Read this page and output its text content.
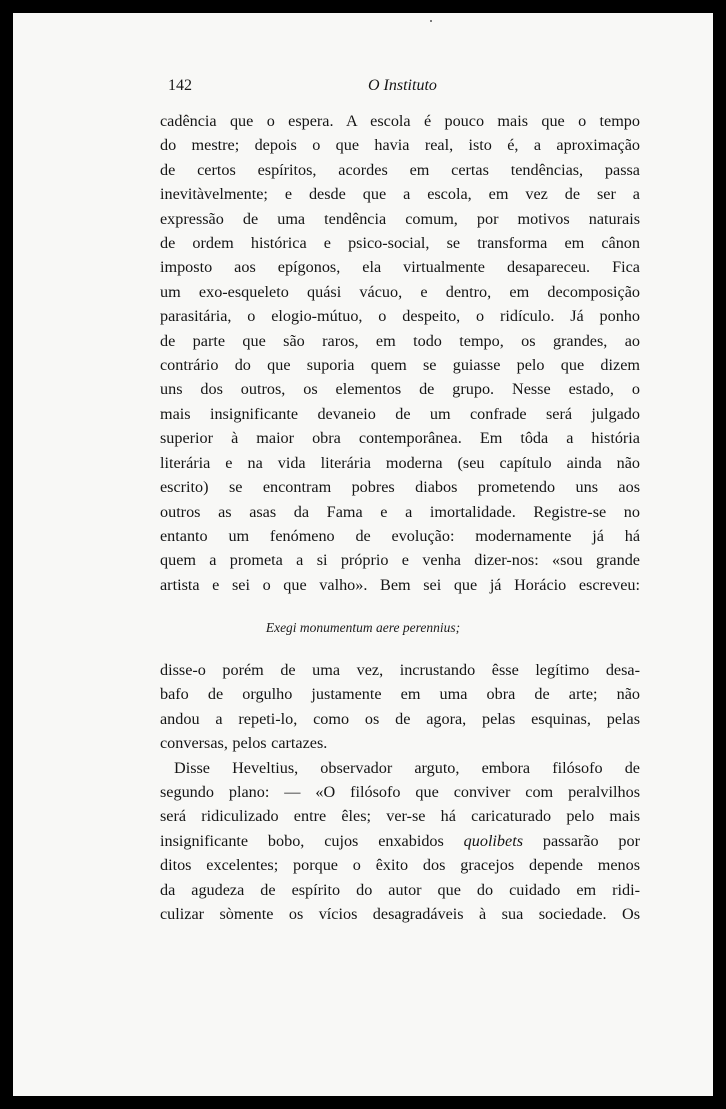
142	O Instituto
cadência que o espera. A escola é pouco mais que o tempo
do mestre; depois o que havia real, isto é, a aproximação
de certos espíritos, acordes em certas tendências, passa
inevitàvelmente; e desde que a escola, em vez de ser a
expressão de uma tendência comum, por motivos naturais
de ordem histórica e psico-social, se transforma em cânon
imposto aos epígonos, ela virtualmente desapareceu. Fica
um exo-esqueleto quási vácuo, e dentro, em decomposição
parasitária, o elogio-mútuo, o despeito, o ridículo. Já ponho
de parte que são raros, em todo tempo, os grandes, ao
contrário do que suporia quem se guiasse pelo que dizem
uns dos outros, os elementos de grupo. Nesse estado, o
mais insignificante devaneio de um confrade será julgado
superior à maior obra contemporânea. Em tôda a história
literária e na vida literária moderna (seu capítulo ainda não
escrito) se encontram pobres diabos prometendo uns aos
outros as asas da Fama e a imortalidade. Registre-se no
entanto um fenómeno de evolução: modernamente já há
quem a prometa a si próprio e venha dizer-nos: «sou grande
artista e sei o que valho». Bem sei que já Horácio escreveu:
Exegi monumentum aere perennius;
disse-o porém de uma vez, incrustando êsse legítimo desa-
bafo de orgulho justamente em uma obra de arte; não
andou a repeti-lo, como os de agora, pelas esquinas, pelas
conversas, pelos cartazes.
Disse Heveltius, observador arguto, embora filósofo de
segundo plano: — «O filósofo que conviver com peralvilhos
será ridiculizado entre êles; ver-se há caricaturado pelo mais
insignificante bobo, cujos enxabidos quolibets passarão por
ditos excelentes; porque o êxito dos gracejos depende menos
da agudeza de espírito do autor que do cuidado em ridi-
culizar sòmente os vícios desagradáveis à sua sociedade. Os
